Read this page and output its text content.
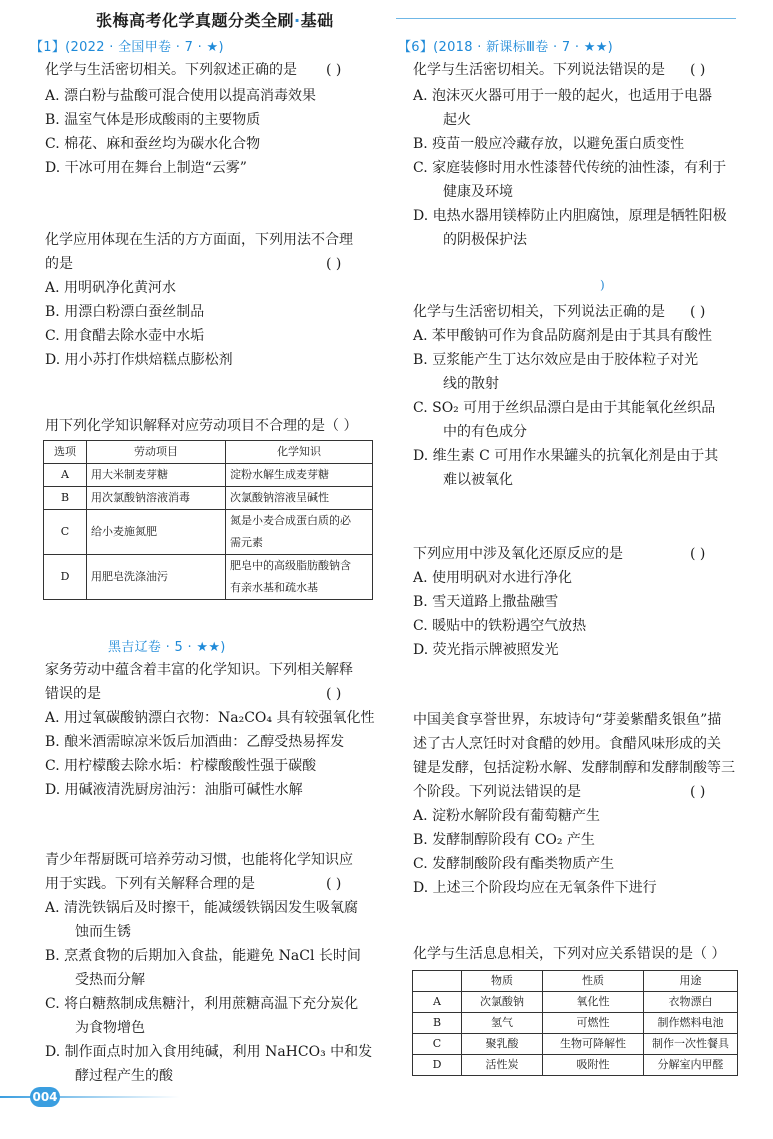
张梅高考化学真题分类全刷·基础
【1】(2022 · 全国甲卷 · 7 · ★)
化学与生活密切相关。下列叙述正确的是 ( )
A. 漂白粉与盐酸可混合使用以提高消毒效果
B. 温室气体是形成酸雨的主要物质
C. 棉花、麻和蚕丝均为碳水化合物
D. 干冰可用在舞台上制造“云雾”
化学应用体现在生活的方方面面，下列用法不合理
的是	( )
A. 用明矾净化黄河水
B. 用漂白粉漂白蚕丝制品
C. 用食醋去除水壶中水垢
D. 用小苏打作烘焙糕点膨松剂
用下列化学知识解释对应劳动项目不合理的是（ ）
选项	劳动项目	化学知识
A	用大米制麦芽糖	淀粉水解生成麦芽糖
B	用次氯酸钠溶液消毒	次氯酸钠溶液呈碱性
C	给小麦施氮肥	氮是小麦合成蛋白质的必
需元素

D	用肥皂洗涤油污	肥皂中的高级脂肪酸钠含
有亲水基和疏水基
黑吉辽卷 · 5 · ★★)
家务劳动中蕴含着丰富的化学知识。下列相关解释
错误的是	( )
A. 用过氧碳酸钠漂白衣物：Na₂CO₄ 具有较强氧化性
B. 酿米酒需晾凉米饭后加酒曲：乙醇受热易挥发
C. 用柠檬酸去除水垢：柠檬酸酸性强于碳酸
D. 用碱液清洗厨房油污：油脂可碱性水解
青少年帮厨既可培养劳动习惯，也能将化学知识应
用于实践。下列有关解释合理的是	( )
A. 清洗铁锅后及时擦干，能减缓铁锅因发生吸氧腐
蚀而生锈
B. 烹煮食物的后期加入食盐，能避免 NaCl 长时间
受热而分解
C. 将白糖熬制成焦糖汁，利用蔗糖高温下充分炭化
为食物增色
D. 制作面点时加入食用纯碱，利用 NaHCO₃ 中和发
酵过程产生的酸
【6】(2018 · 新课标Ⅲ卷 · 7 · ★★)
化学与生活密切相关。下列说法错误的是 ( )
A. 泡沫灭火器可用于一般的起火，也适用于电器
起火
B. 疫苗一般应冷藏存放，以避免蛋白质变性
C. 家庭装修时用水性漆替代传统的油性漆，有利于
健康及环境
D. 电热水器用镁棒防止内胆腐蚀，原理是牺牲阳极
的阴极保护法
)
化学与生活密切相关，下列说法正确的是 ( )
A. 苯甲酸钠可作为食品防腐剂是由于其具有酸性
B. 豆浆能产生丁达尔效应是由于胶体粒子对光
线的散射
C. SO₂ 可用于丝织品漂白是由于其能氧化丝织品
中的有色成分
D. 维生素 C 可用作水果罐头的抗氧化剂是由于其
难以被氧化
下列应用中涉及氧化还原反应的是	( )
A. 使用明矾对水进行净化
B. 雪天道路上撒盐融雪
C. 暖贴中的铁粉遇空气放热
D. 荧光指示牌被照发光
中国美食享誉世界，东坡诗句“芽姜紫醋炙银鱼”描
述了古人烹饪时对食醋的妙用。食醋风味形成的关
键是发酵，包括淀粉水解、发酵制醇和发酵制酸等三
个阶段。下列说法错误的是	( )
A. 淀粉水解阶段有葡萄糖产生
B. 发酵制醇阶段有 CO₂ 产生
C. 发酵制酸阶段有酯类物质产生
D. 上述三个阶段均应在无氧条件下进行
化学与生活息息相关，下列对应关系错误的是（ ）
	物质	性质	用途
A	次氯酸钠	氧化性	衣物漂白
B	氢气	可燃性	制作燃料电池
C	聚乳酸	生物可降解性	制作一次性餐具
D	活性炭	吸附性	分解室内甲醛
004
